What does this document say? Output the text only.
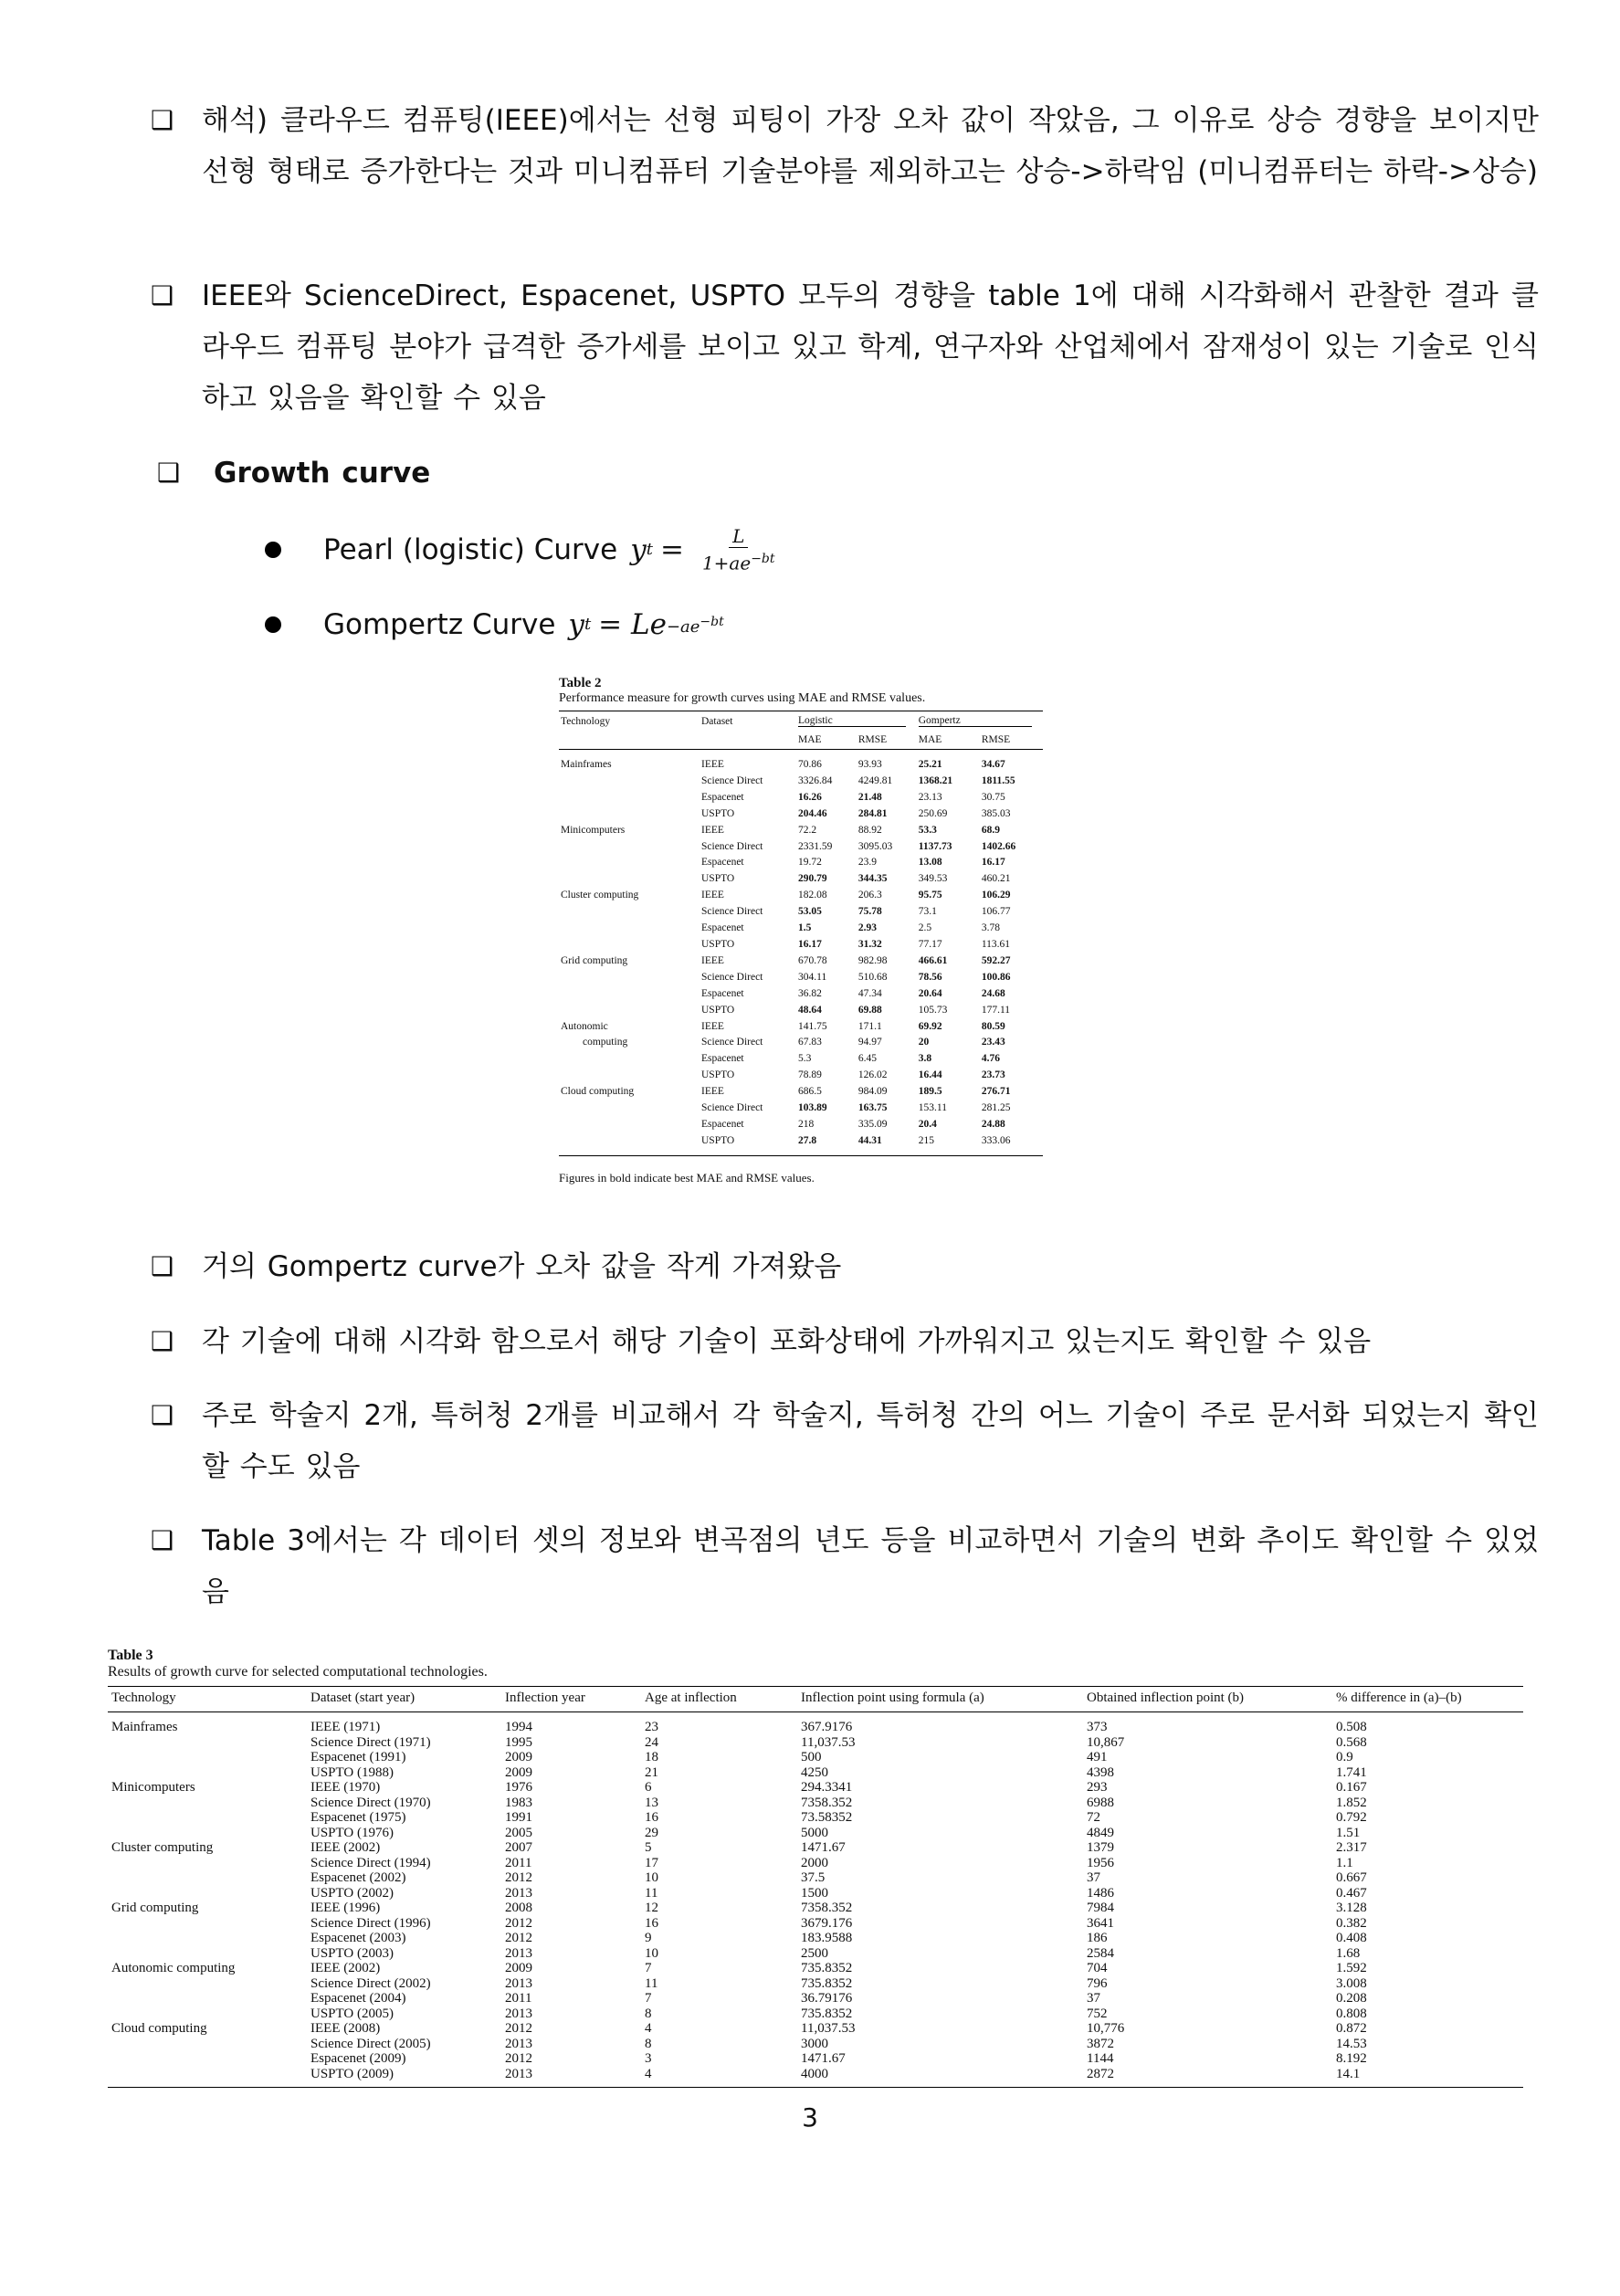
❑ 해석) 클라우드 컴퓨팅(IEEE)에서는 선형 피팅이 가장 오차 값이 작았음, 그 이유로 상승 경향을 보이지만 선형 형태로 증가한다는 것과 미니컴퓨터 기술분야를 제외하고는 상승->하락임 (미니컴퓨터는 하락->상승)
❑ IEEE와 ScienceDirect, Espacenet, USPTO 모두의 경향을 table 1에 대해 시각화해서 관찰한 결과 클라우드 컴퓨팅 분야가 급격한 증가세를 보이고 있고 학계, 연구자와 산업체에서 잠재성이 있는 기술로 인식하고 있음을 확인할 수 있음
❑ Growth curve
Pearl (logistic) Curve y $t = \frac{L}{1+ae^{-bt}}$
Gompertz Curve y $t = Le -ae^{-bt}$
Table 2
Performance measure for growth curves using MAE and RMSE values.
Technology	Dataset	Logistic		Gompertz	
		MAE	RMSE	MAE	RMSE
Mainframes	IEEE	70.86	93.93	25.21	34.67
	Science Direct	3326.84	4249.81	1368.21	1811.55
	Espacenet	16.26	21.48	23.13	30.75
	USPTO	204.46	284.81	250.69	385.03
Minicomputers	IEEE	72.2	88.92	53.3	68.9
	Science Direct	2331.59	3095.03	1137.73	1402.66
	Espacenet	19.72	23.9	13.08	16.17
	USPTO	290.79	344.35	349.53	460.21
Cluster computing	IEEE	182.08	206.3	95.75	106.29
	Science Direct	53.05	75.78	73.1	106.77
	Espacenet	1.5	2.93	2.5	3.78
	USPTO	16.17	31.32	77.17	113.61
Grid computing	IEEE	670.78	982.98	466.61	592.27
	Science Direct	304.11	510.68	78.56	100.86
	Espacenet	36.82	47.34	20.64	24.68
	USPTO	48.64	69.88	105.73	177.11
Autonomic	IEEE	141.75	171.1	69.92	80.59
computing	Science Direct	67.83	94.97	20	23.43
	Espacenet	5.3	6.45	3.8	4.76
	USPTO	78.89	126.02	16.44	23.73
Cloud computing	IEEE	686.5	984.09	189.5	276.71
	Science Direct	103.89	163.75	153.11	281.25
	Espacenet	218	335.09	20.4	24.88
	USPTO	27.8	44.31	215	333.06
Figures in bold indicate best MAE and RMSE values.
❑ 거의 Gompertz curve가 오차 값을 작게 가져왔음
❑ 각 기술에 대해 시각화 함으로서 해당 기술이 포화상태에 가까워지고 있는지도 확인할 수 있음
❑ 주로 학술지 2개, 특허청 2개를 비교해서 각 학술지, 특허청 간의 어느 기술이 주로 문서화 되었는지 확인할 수도 있음
❑ Table 3에서는 각 데이터 셋의 정보와 변곡점의 년도 등을 비교하면서 기술의 변화 추이도 확인할 수 있었음
Table 3
Results of growth curve for selected computational technologies.
Technology	Dataset (start year)	Inflection year	Age at inflection	Inflection point using formula (a)	Obtained inflection point (b)	% difference in (a)–(b)
Mainframes	IEEE (1971)	1994	23	367.9176	373	0.508
	Science Direct (1971)	1995	24	11,037.53	10,867	0.568
	Espacenet (1991)	2009	18	500	491	0.9
	USPTO (1988)	2009	21	4250	4398	1.741
Minicomputers	IEEE (1970)	1976	6	294.3341	293	0.167
	Science Direct (1970)	1983	13	7358.352	6988	1.852
	Espacenet (1975)	1991	16	73.58352	72	0.792
	USPTO (1976)	2005	29	5000	4849	1.51
Cluster computing	IEEE (2002)	2007	5	1471.67	1379	2.317
	Science Direct (1994)	2011	17	2000	1956	1.1
	Espacenet (2002)	2012	10	37.5	37	0.667
	USPTO (2002)	2013	11	1500	1486	0.467
Grid computing	IEEE (1996)	2008	12	7358.352	7984	3.128
	Science Direct (1996)	2012	16	3679.176	3641	0.382
	Espacenet (2003)	2012	9	183.9588	186	0.408
	USPTO (2003)	2013	10	2500	2584	1.68
Autonomic computing	IEEE (2002)	2009	7	735.8352	704	1.592
	Science Direct (2002)	2013	11	735.8352	796	3.008
	Espacenet (2004)	2011	7	36.79176	37	0.208
	USPTO (2005)	2013	8	735.8352	752	0.808
Cloud computing	IEEE (2008)	2012	4	11,037.53	10,776	0.872
	Science Direct (2005)	2013	8	3000	3872	14.53
	Espacenet (2009)	2012	3	1471.67	1144	8.192
	USPTO (2009)	2013	4	4000	2872	14.1
3
